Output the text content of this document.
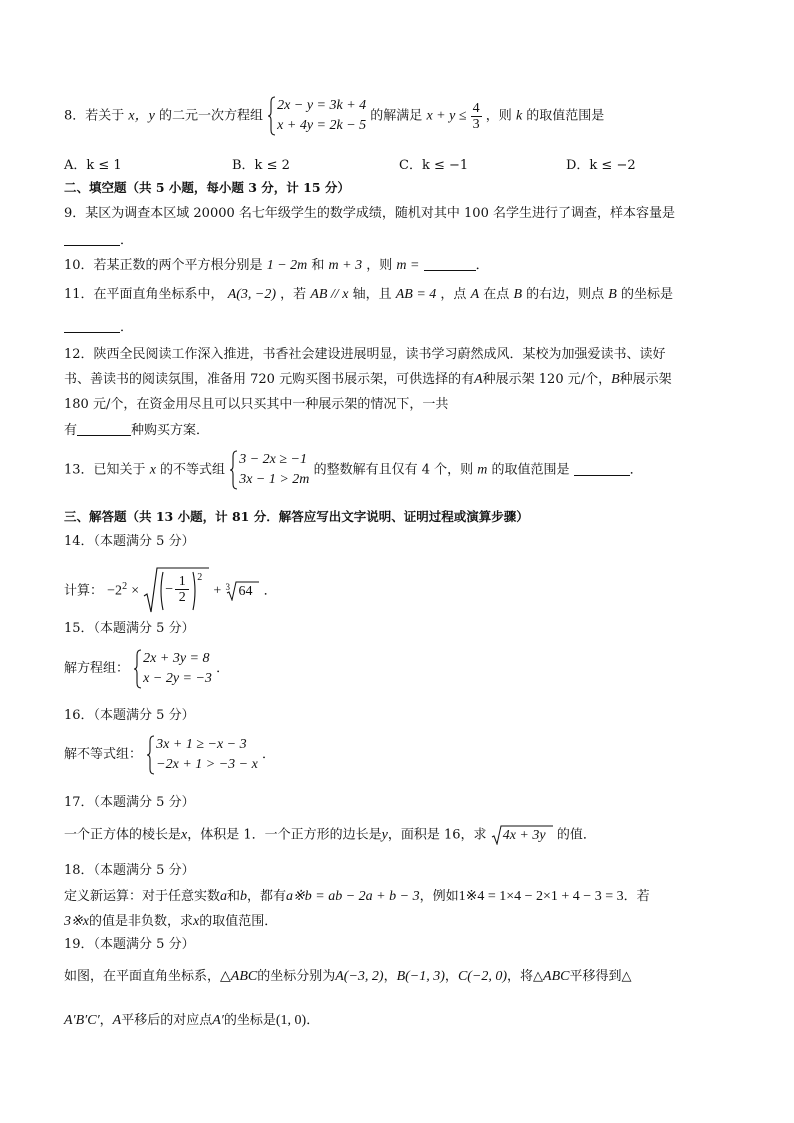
8．若关于 x，y 的二元一次方程组
2x − y = 3k + 4
x + 4y = 2k − 5
的解满足 $x + y \le \frac{4}{3}$ ，则 k 的取值范围是
A．k ≤ 1	B．k ≤ 2	C．k ≤ −1	D．k ≤ −2
二、填空题（共 5 小题，每小题 3 分，计 15 分）
9．某区为调查本区域 20000 名七年级学生的数学成绩，随机对其中 100 名学生进行了调查，样本容量是
．
10．若某正数的两个平方根分别是 1 − 2m 和 m + 3 ，则 m =	．
11．在平面直角坐标系中， A(3, −2) ，若 AB // x 轴，且 AB = 4 ，点 A 在点 B 的右边，则点 B 的坐标是
．
12．陕西全民阅读工作深入推进，书香社会建设进展明显，读书学习蔚然成风．某校为加强爱读书、读好
书、善读书的阅读氛围，准备用 720 元购买图书展示架，可供选择的有A种展示架 120 元/个，B种展示架
180 元/个，在资金用尽且可以只买其中一种展示架的情况下，一共
有	种购买方案．
13．已知关于 x 的不等式组
3 − 2x ≥ −1
3x − 1 > 2m
的整数解有且仅有 4 个，则 m 的取值范围是	．
三、解答题（共 13 小题，计 81 分．解答应写出文字说明、证明过程或演算步骤）
14．（本题满分 5 分）
计算： $-2^2$ × −
1
2
2
+ 3 64 ．
15．（本题满分 5 分）
解方程组：
2x + 3y = 8
x − 2y = −3
．
16．（本题满分 5 分）
解不等式组：
3x + 1 ≥ −x − 3
−2x + 1 > −3 − x
．
17．（本题满分 5 分）
一个正方体的棱长是x，体积是 1．一个正方形的边长是y，面积是 16，求 4x + 3y 的值．
18．（本题满分 5 分）
定义新运算：对于任意实数a和b，都有a※b = ab − 2a + b − 3，例如1※4 = 1×4 − 2×1 + 4 − 3 = 3．若
3※x的值是非负数，求x的取值范围．
19．（本题满分 5 分）
如图，在平面直角坐标系，△ABC的坐标分别为A(−3, 2)，B(−1, 3)，C(−2, 0)，将△ABC平移得到△
A′B′C′，A平移后的对应点A′的坐标是(1, 0)．
